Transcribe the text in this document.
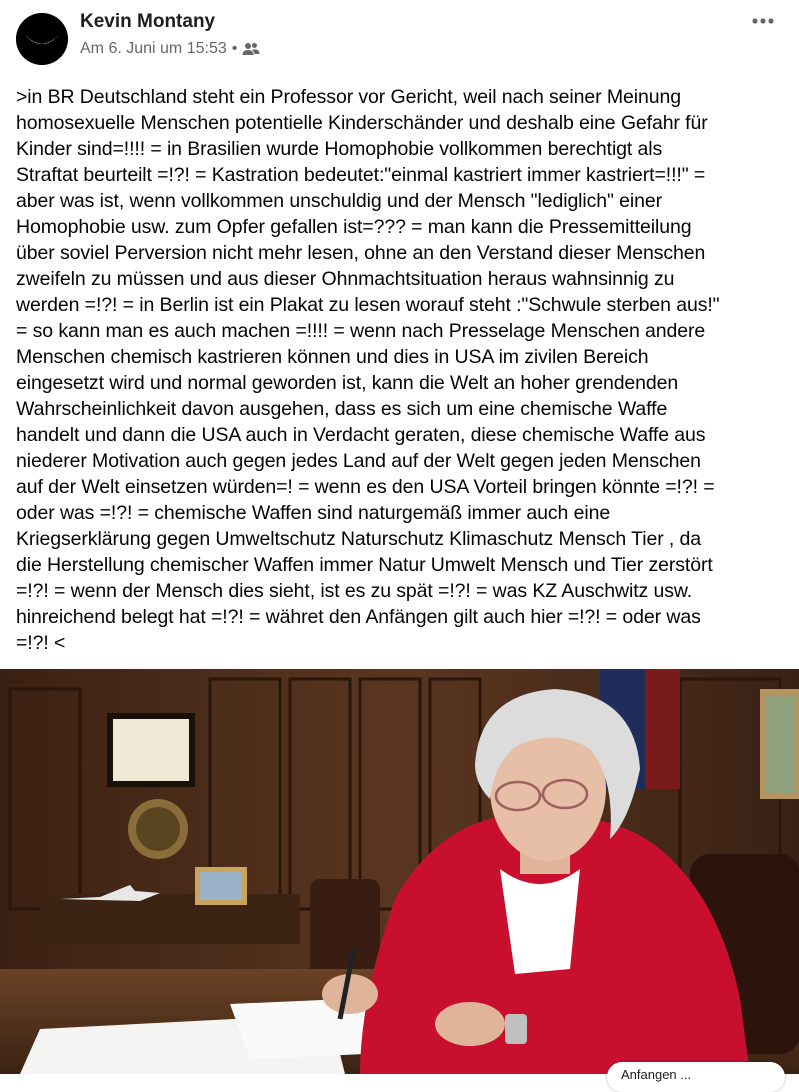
Kevin Montany
Am 6. Juni um 15:53 •

>in BR Deutschland steht ein Professor vor Gericht, weil nach seiner Meinung
homosexuelle Menschen potentielle Kinderschänder und deshalb eine Gefahr für
Kinder sind=!!!! = in Brasilien wurde Homophobie vollkommen berechtigt als
Straftat beurteilt =!?! = Kastration bedeutet:"einmal kastriert immer kastriert=!!!" =
aber was ist, wenn vollkommen unschuldig und der Mensch "lediglich" einer
Homophobie usw. zum Opfer gefallen ist=??? = man kann die Pressemitteilung
über soviel Perversion nicht mehr lesen, ohne an den Verstand dieser Menschen
zweifeln zu müssen und aus dieser Ohnmachtsituation heraus wahnsinnig zu
werden =!?! = in Berlin ist ein Plakat zu lesen worauf steht :"Schwule sterben aus!"
= so kann man es auch machen =!!!! = wenn nach Presselage Menschen andere
Menschen chemisch kastrieren können und dies in USA im zivilen Bereich
eingesetzt wird und normal geworden ist, kann die Welt an hoher grendenden
Wahrscheinlichkeit davon ausgehen, dass es sich um eine chemische Waffe
handelt und dann die USA auch in Verdacht geraten, diese chemische Waffe aus
niederer Motivation auch gegen jedes Land auf der Welt gegen jeden Menschen
auf der Welt einsetzen würden=! = wenn es den USA Vorteil bringen könnte =!?! =
oder was =!?! = chemische Waffen sind naturgemäß immer auch eine
Kriegserklärung gegen Umweltschutz Naturschutz Klimaschutz Mensch Tier , da
die Herstellung chemischer Waffen immer Natur Umwelt Mensch und Tier zerstört
=!?! = wenn der Mensch dies sieht, ist es zu spät =!?! = was KZ Auschwitz usw.
hinreichend belegt hat =!?! = währet den Anfängen gilt auch hier =!?! = oder was
=!?! <

Anfangen ...
